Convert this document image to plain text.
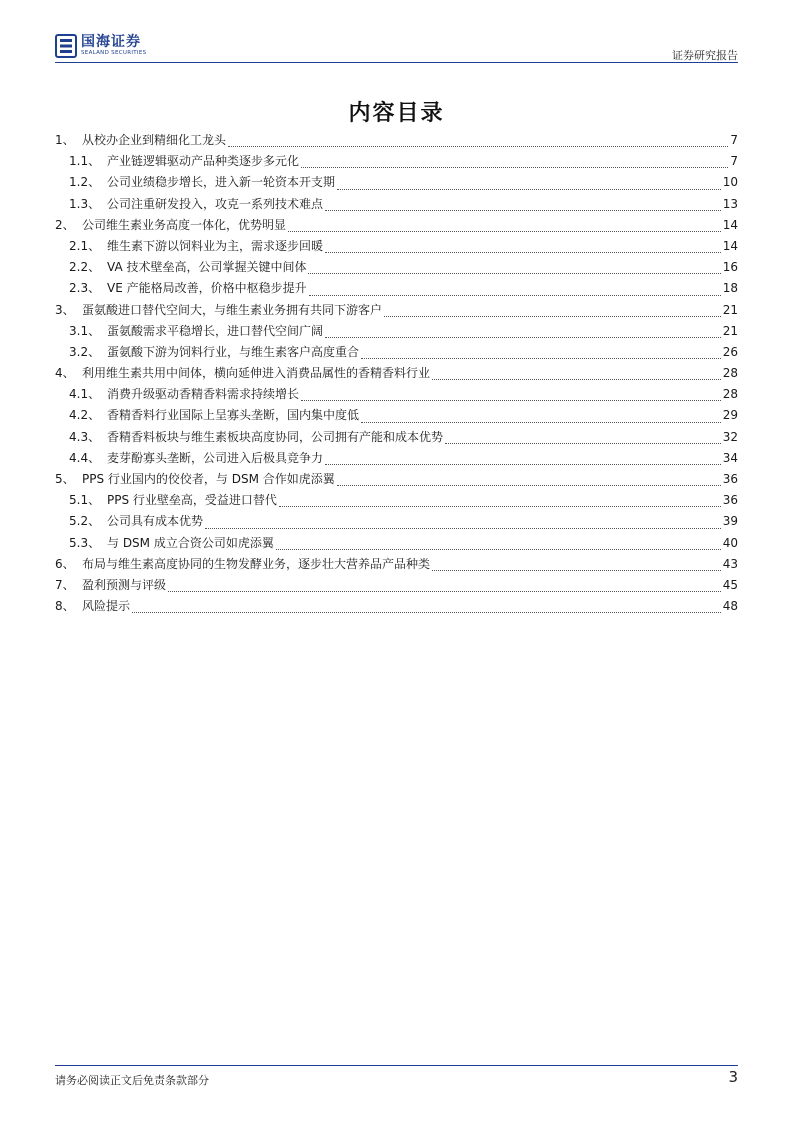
国海证券
SEALAND SECURITIES	证券研究报告
内容目录
1、 从校办企业到精细化工龙头	7
1.1、 产业链逻辑驱动产品种类逐步多元化	7
1.2、 公司业绩稳步增长，进入新一轮资本开支期	10
1.3、 公司注重研发投入，攻克一系列技术难点	13
2、 公司维生素业务高度一体化，优势明显	14
2.1、 维生素下游以饲料业为主，需求逐步回暖	14
2.2、 VA 技术壁垒高，公司掌握关键中间体	16
2.3、 VE 产能格局改善，价格中枢稳步提升	18
3、 蛋氨酸进口替代空间大，与维生素业务拥有共同下游客户	21
3.1、 蛋氨酸需求平稳增长，进口替代空间广阔	21
3.2、 蛋氨酸下游为饲料行业，与维生素客户高度重合	26
4、 利用维生素共用中间体，横向延伸进入消费品属性的香精香料行业	28
4.1、 消费升级驱动香精香料需求持续增长	28
4.2、 香精香料行业国际上呈寡头垄断，国内集中度低	29
4.3、 香精香料板块与维生素板块高度协同，公司拥有产能和成本优势	32
4.4、 麦芽酚寡头垄断，公司进入后极具竞争力	34
5、 PPS 行业国内的佼佼者，与 DSM 合作如虎添翼	36
5.1、 PPS 行业壁垒高，受益进口替代	36
5.2、 公司具有成本优势	39
5.3、 与 DSM 成立合资公司如虎添翼	40
6、 布局与维生素高度协同的生物发酵业务，逐步壮大营养品产品种类	43
7、 盈利预测与评级	45
8、 风险提示	48
请务必阅读正文后免责条款部分	3
